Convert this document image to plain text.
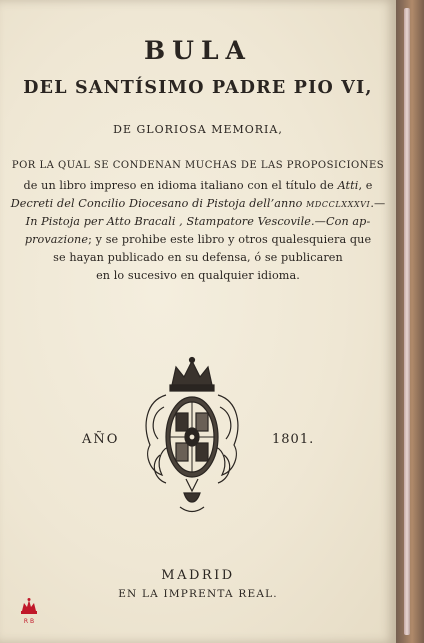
BULA
DEL SANTÍSIMO PADRE PIO VI,
DE GLORIOSA MEMORIA,
POR LA QUAL SE CONDENAN MUCHAS DE LAS PROPOSICIONES
de un libro impreso en idioma italiano con el título de Atti, e
Decreti del Concilio Diocesano di Pistoja dell’anno MDCCLXXXVI.—
In Pistoja per Atto Bracali , Stampatore Vescovile.—Con ap-
provazione; y se prohibe este libro y otros qualesquiera que
se hayan publicado en su defensa, ó se publicaren
en lo sucesivo en qualquier idioma.
AÑO	1801.
MADRID
EN LA IMPRENTA REAL.
R B
